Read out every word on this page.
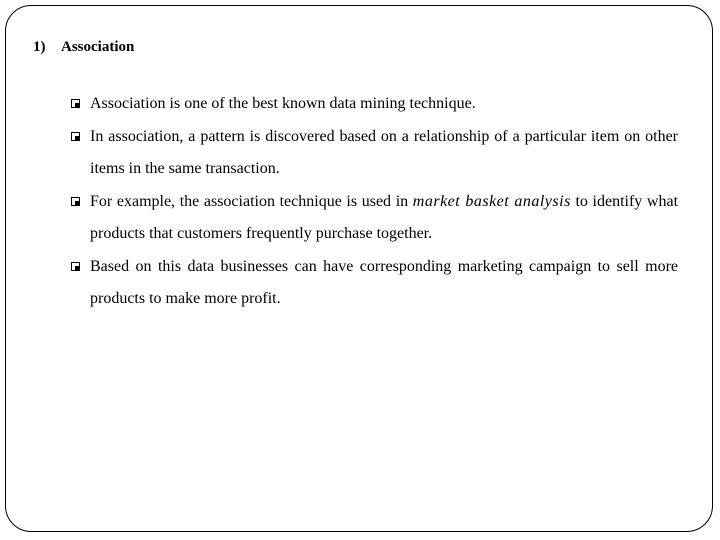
1) Association
Association is one of the best known data mining technique.
In association, a pattern is discovered based on a relationship of a particular item on other items in the same transaction.
For example, the association technique is used in market basket analysis to identify what products that customers frequently purchase together.
Based on this data businesses can have corresponding marketing campaign to sell more products to make more profit.
